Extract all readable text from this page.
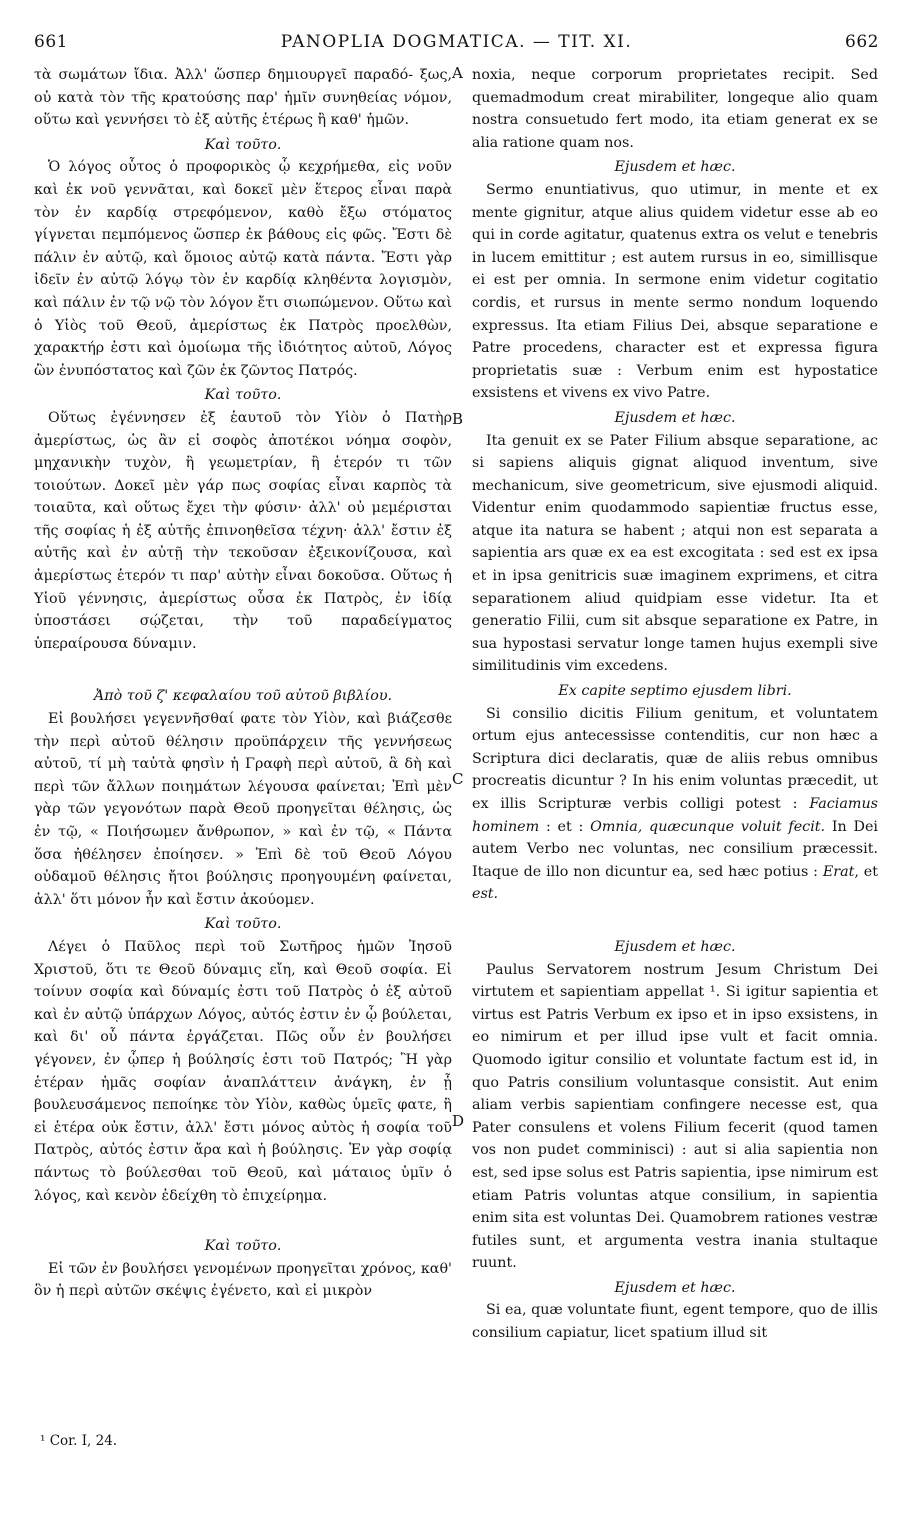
661	PANOPLIA DOGMATICA. — TIT. XI.	662
A
B
C
D

τὰ σωμάτων ἴδια. Ἀλλ' ὥσπερ δημιουργεῖ παραδό- ξως, οὐ κατὰ τὸν τῆς κρατούσης παρ' ἡμῖν συνηθείας νόμον, οὕτω καὶ γεννήσει τὸ ἐξ αὐτῆς ἑτέρως ἢ καθ' ἡμῶν.

Καὶ τοῦτο.

Ὁ λόγος οὗτος ὁ προφορικὸς ᾧ κεχρήμεθα, εἰς νοῦν καὶ ἐκ νοῦ γεννᾶται, καὶ δοκεῖ μὲν ἕτερος εἶναι παρὰ τὸν ἐν καρδίᾳ στρεφόμενον, καθὸ ἔξω στόματος γίγνεται πεμπόμενος ὥσπερ ἐκ βάθους εἰς φῶς. Ἔστι δὲ πάλιν ἐν αὐτῷ, καὶ ὅμοιος αὐτῷ κατὰ πάντα. Ἔστι γὰρ ἰδεῖν ἐν αὐτῷ λόγῳ τὸν ἐν καρδίᾳ κληθέντα λογισμὸν, καὶ πάλιν ἐν τῷ νῷ τὸν λόγον ἔτι σιωπώμενον. Οὕτω καὶ ὁ Υἱὸς τοῦ Θεοῦ, ἀμερίστως ἐκ Πατρὸς προελθὼν, χαρακτήρ ἐστι καὶ ὁμοίωμα τῆς ἰδιότητος αὐτοῦ, Λόγος ὢν ἐνυπόστατος καὶ ζῶν ἐκ ζῶντος Πατρός.

Καὶ τοῦτο.

Οὕτως ἐγέννησεν ἐξ ἑαυτοῦ τὸν Υἱὸν ὁ Πατὴρ ἀμερίστως, ὡς ἂν εἰ σοφὸς ἀποτέκοι νόημα σοφὸν, μηχανικὴν τυχὸν, ἢ γεωμετρίαν, ἢ ἑτερόν τι τῶν τοιούτων. Δοκεῖ μὲν γάρ πως σοφίας εἶναι καρπὸς τὰ τοιαῦτα, καὶ οὕτως ἔχει τὴν φύσιν· ἀλλ' οὐ μεμέρισται τῆς σοφίας ἡ ἐξ αὐτῆς ἐπινοηθεῖσα τέχνη· ἀλλ' ἔστιν ἐξ αὐτῆς καὶ ἐν αὐτῇ τὴν τεκοῦσαν ἐξεικονίζουσα, καὶ ἀμερίστως ἑτερόν τι παρ' αὐτὴν εἶναι δοκοῦσα. Οὕτως ἡ Υἱοῦ γέννησις, ἀμερίστως οὖσα ἐκ Πατρὸς, ἐν ἰδίᾳ ὑποστάσει σῴζεται, τὴν τοῦ παραδείγματος ὑπεραίρουσα δύναμιν.

Ἀπὸ τοῦ ζ' κεφαλαίου τοῦ αὐτοῦ βιβλίου.

Εἰ βουλήσει γεγεννῆσθαί φατε τὸν Υἱὸν, καὶ βιάζεσθε τὴν περὶ αὐτοῦ θέλησιν προϋπάρχειν τῆς γεννήσεως αὐτοῦ, τί μὴ ταὐτὰ φησὶν ἡ Γραφὴ περὶ αὐτοῦ, ἃ δὴ καὶ περὶ τῶν ἄλλων ποιημάτων λέγουσα φαίνεται; Ἐπὶ μὲν γὰρ τῶν γεγονότων παρὰ Θεοῦ προηγεῖται θέλησις, ὡς ἐν τῷ, « Ποιήσωμεν ἄνθρωπον, » καὶ ἐν τῷ, « Πάντα ὅσα ἠθέλησεν ἐποίησεν. » Ἐπὶ δὲ τοῦ Θεοῦ Λόγου οὐδαμοῦ θέλησις ἤτοι βούλησις προηγουμένη φαίνεται, ἀλλ' ὅτι μόνον ἦν καὶ ἔστιν ἀκούομεν.

Καὶ τοῦτο.

Λέγει ὁ Παῦλος περὶ τοῦ Σωτῆρος ἡμῶν Ἰησοῦ Χριστοῦ, ὅτι τε Θεοῦ δύναμις εἴη, καὶ Θεοῦ σοφία. Εἰ τοίνυν σοφία καὶ δύναμίς ἐστι τοῦ Πατρὸς ὁ ἐξ αὐτοῦ καὶ ἐν αὐτῷ ὑπάρχων Λόγος, αὐτός ἐστιν ἐν ᾧ βούλεται, καὶ δι' οὗ πάντα ἐργάζεται. Πῶς οὖν ἐν βουλήσει γέγονεν, ἐν ᾧπερ ἡ βούλησίς ἐστι τοῦ Πατρός; Ἢ γὰρ ἑτέραν ἡμᾶς σοφίαν ἀναπλάττειν ἀνάγκη, ἐν ᾗ βουλευσάμενος πεποίηκε τὸν Υἱὸν, καθὼς ὑμεῖς φατε, ἢ εἰ ἑτέρα οὐκ ἔστιν, ἀλλ' ἔστι μόνος αὐτὸς ἡ σοφία τοῦ Πατρὸς, αὐτός ἐστιν ἄρα καὶ ἡ βούλησις. Ἐν γὰρ σοφίᾳ πάντως τὸ βούλεσθαι τοῦ Θεοῦ, καὶ μάταιος ὑμῖν ὁ λόγος, καὶ κενὸν ἐδείχθη τὸ ἐπιχείρημα.

Καὶ τοῦτο.

Εἰ τῶν ἐν βουλήσει γενομένων προηγεῖται χρόνος, καθ' ὃν ἡ περὶ αὐτῶν σκέψις ἐγένετο, καὶ εἰ μικρὸν

noxia, neque corporum proprietates recipit. Sed quemadmodum creat mirabiliter, longeque alio quam nostra consuetudo fert modo, ita etiam generat ex se alia ratione quam nos.

Ejusdem et hæc.

Sermo enuntiativus, quo utimur, in mente et ex mente gignitur, atque alius quidem videtur esse ab eo qui in corde agitatur, quatenus extra os velut e tenebris in lucem emittitur ; est autem rursus in eo, simillisque ei est per omnia. In sermone enim videtur cogitatio cordis, et rursus in mente sermo nondum loquendo expressus. Ita etiam Filius Dei, absque separatione e Patre procedens, character est et expressa figura proprietatis suæ : Verbum enim est hypostatice exsistens et vivens ex vivo Patre.

Ejusdem et hæc.

Ita genuit ex se Pater Filium absque separatione, ac si sapiens aliquis gignat aliquod inventum, sive mechanicum, sive geometricum, sive ejusmodi aliquid. Videntur enim quodammodo sapientiæ fructus esse, atque ita natura se habent ; atqui non est separata a sapientia ars quæ ex ea est excogitata : sed est ex ipsa et in ipsa genitricis suæ imaginem exprimens, et citra separationem aliud quidpiam esse videtur. Ita et generatio Filii, cum sit absque separatione ex Patre, in sua hypostasi servatur longe tamen hujus exempli sive similitudinis vim excedens.

Ex capite septimo ejusdem libri.

Si consilio dicitis Filium genitum, et voluntatem ortum ejus antecessisse contenditis, cur non hæc a Scriptura dici declaratis, quæ de aliis rebus omnibus procreatis dicuntur ? In his enim voluntas præcedit, ut ex illis Scripturæ verbis colligi potest : Faciamus hominem : et : Omnia, quæcunque voluit fecit. In Dei autem Verbo nec voluntas, nec consilium præcessit. Itaque de illo non dicuntur ea, sed hæc potius : Erat, et est.

Ejusdem et hæc.

Paulus Servatorem nostrum Jesum Christum Dei virtutem et sapientiam appellat ¹. Si igitur sapientia et virtus est Patris Verbum ex ipso et in ipso exsistens, in eo nimirum et per illud ipse vult et facit omnia. Quomodo igitur consilio et voluntate factum est id, in quo Patris consilium voluntasque consistit. Aut enim aliam verbis sapientiam confingere necesse est, qua Pater consulens et volens Filium fecerit (quod tamen vos non pudet comminisci) : aut si alia sapientia non est, sed ipse solus est Patris sapientia, ipse nimirum est etiam Patris voluntas atque consilium, in sapientia enim sita est voluntas Dei. Quamobrem rationes vestræ futiles sunt, et argumenta vestra inania stultaque ruunt.

Ejusdem et hæc.

Si ea, quæ voluntate fiunt, egent tempore, quo de illis consilium capiatur, licet spatium illud sit

¹ Cor. I, 24.
